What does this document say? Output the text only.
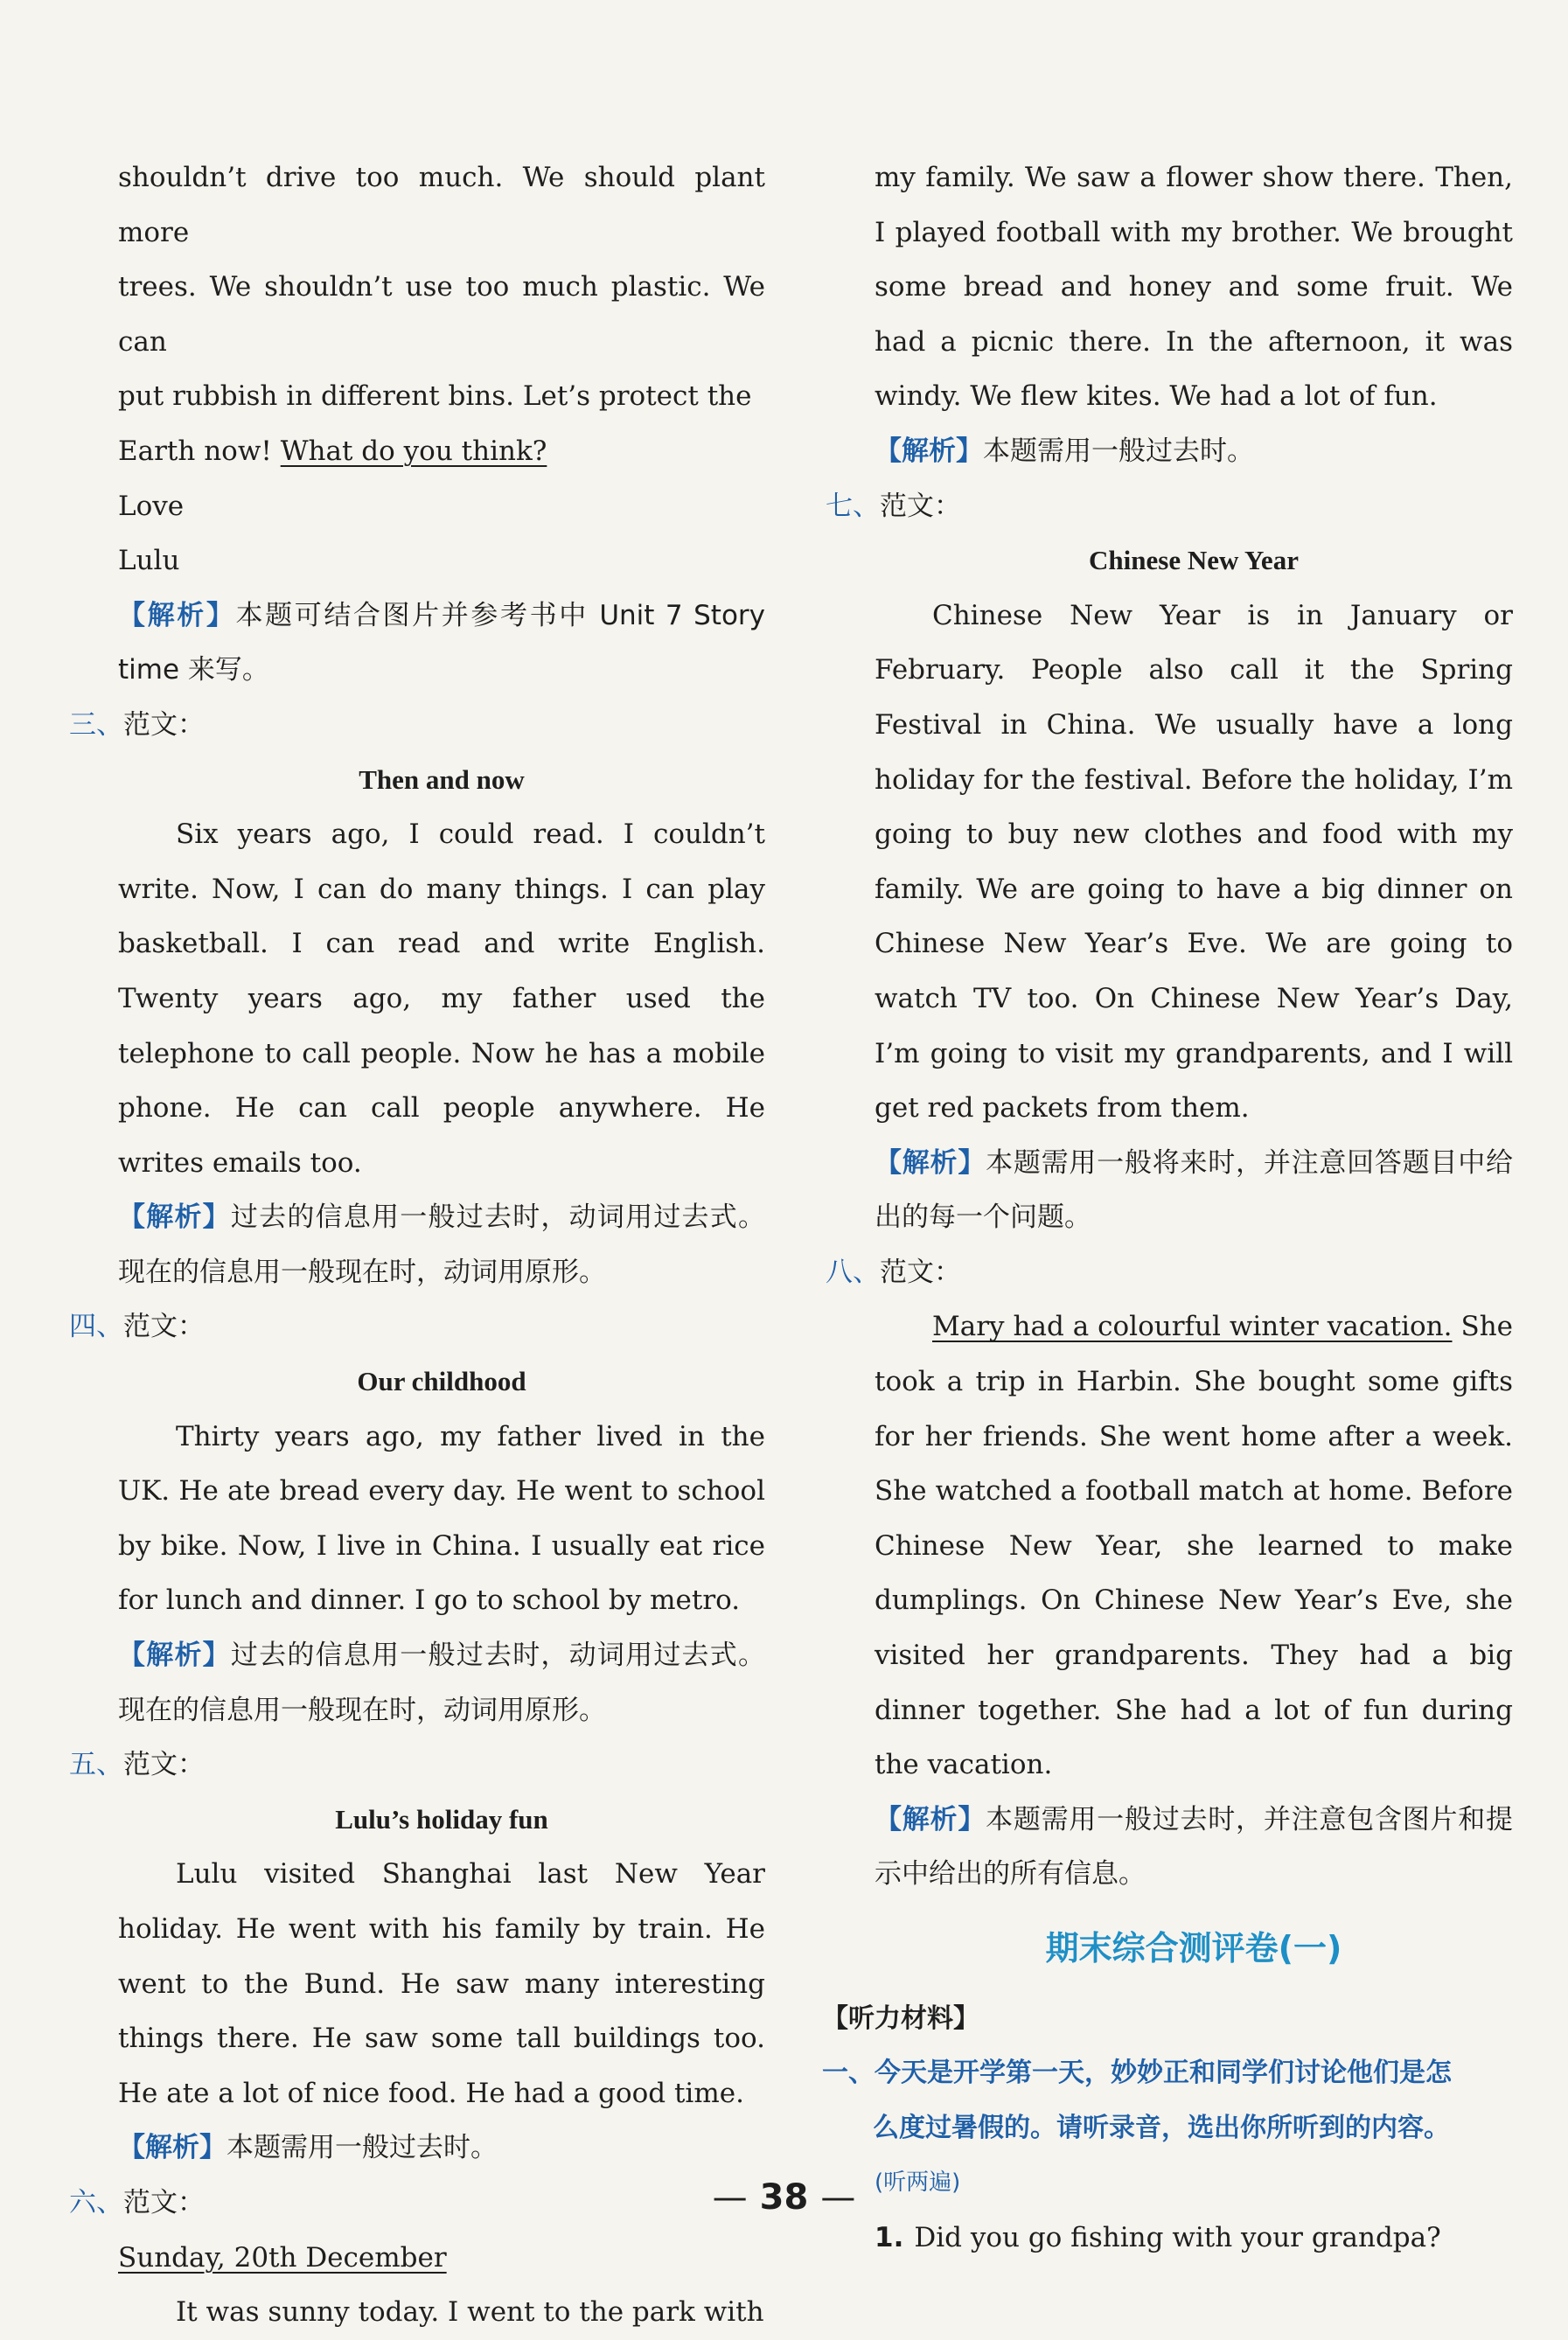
shouldn’t drive too much. We should plant more

trees. We shouldn’t use too much plastic. We can

put rubbish in different bins. Let’s protect the

Earth now! What do you think?

Love

Lulu

【解析】本题可结合图片并参考书中 Unit 7 Story time 来写。

三、范文：

Then and now

Six years ago, I could read. I couldn’t write. Now, I can do many things. I can play basketball. I can read and write English. Twenty years ago, my father used the telephone to call people. Now he has a mobile phone. He can call people anywhere. He writes emails too.

【解析】过去的信息用一般过去时，动词用过去式。现在的信息用一般现在时，动词用原形。

四、范文：

Our childhood

Thirty years ago, my father lived in the UK. He ate bread every day. He went to school by bike. Now, I live in China. I usually eat rice for lunch and dinner. I go to school by metro.

【解析】过去的信息用一般过去时，动词用过去式。现在的信息用一般现在时，动词用原形。

五、范文：

Lulu’s holiday fun

Lulu visited Shanghai last New Year holiday. He went with his family by train. He went to the Bund. He saw many interesting things there. He saw some tall buildings too. He ate a lot of nice food. He had a good time.

【解析】本题需用一般过去时。

六、范文：

Sunday, 20th December

It was sunny today. I went to the park with

my family. We saw a flower show there. Then, I played football with my brother. We brought some bread and honey and some fruit. We had a picnic there. In the afternoon, it was windy. We flew kites. We had a lot of fun.

【解析】本题需用一般过去时。

七、范文：

Chinese New Year

Chinese New Year is in January or February. People also call it the Spring Festival in China. We usually have a long holiday for the festival. Before the holiday, I’m going to buy new clothes and food with my family. We are going to have a big dinner on Chinese New Year’s Eve. We are going to watch TV too. On Chinese New Year’s Day, I’m going to visit my grandparents, and I will get red packets from them.

【解析】本题需用一般将来时，并注意回答题目中给出的每一个问题。

八、范文：

Mary had a colourful winter vacation. She took a trip in Harbin. She bought some gifts for her friends. She went home after a week. She watched a football match at home. Before Chinese New Year, she learned to make dumplings. On Chinese New Year’s Eve, she visited her grandparents. They had a big dinner together. She had a lot of fun during the vacation.

【解析】本题需用一般过去时，并注意包含图片和提示中给出的所有信息。

期末综合测评卷(一)
【听力材料】
一、今天是开学第一天，妙妙正和同学们讨论他们是怎
么度过暑假的。请听录音，选出你所听到的内容。
(听两遍)
1. Did you go fishing with your grandpa?
— 38 —
